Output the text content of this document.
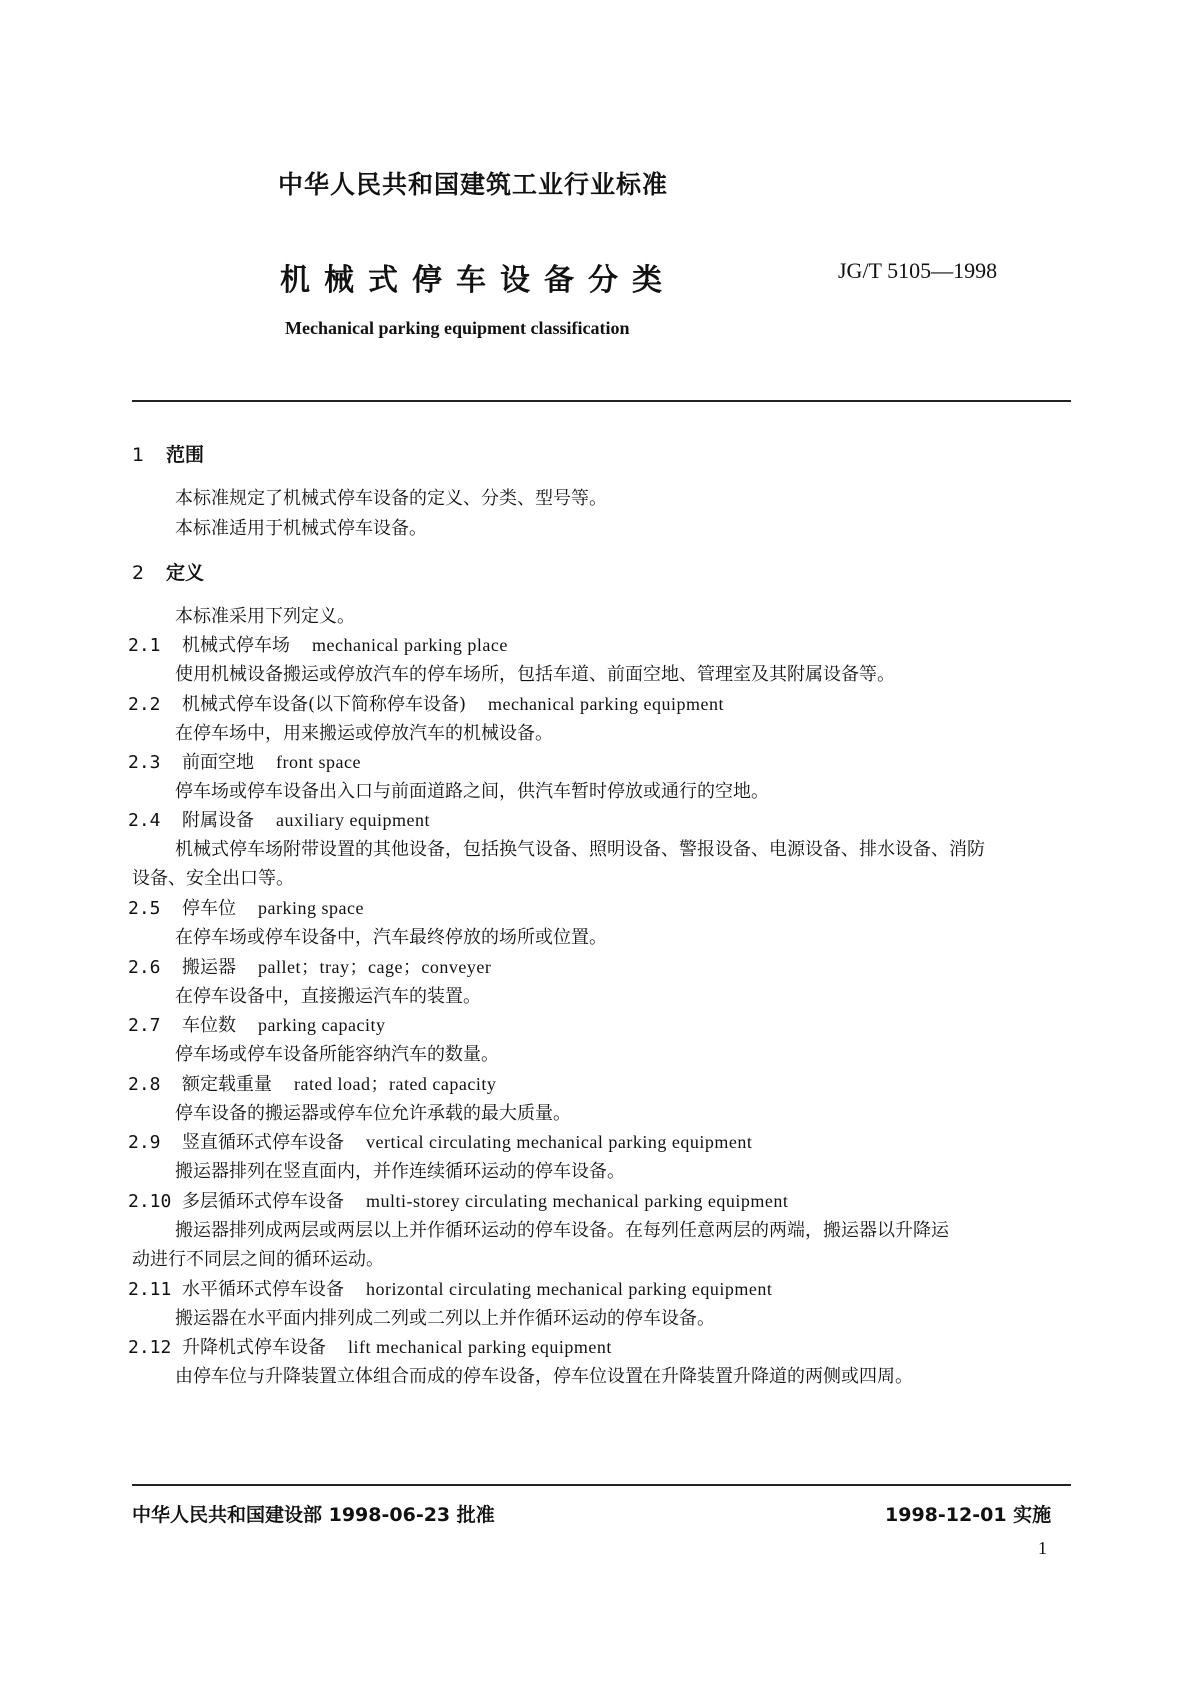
中华人民共和国建筑工业行业标准
机械式停车设备分类	JG/T 5105—1998
Mechanical parking equipment classification
1 范围
本标准规定了机械式停车设备的定义、分类、型号等。
本标准适用于机械式停车设备。
2 定义
本标准采用下列定义。
2.1 机械式停车场 mechanical parking place
使用机械设备搬运或停放汽车的停车场所，包括车道、前面空地、管理室及其附属设备等。
2.2 机械式停车设备(以下简称停车设备) mechanical parking equipment
在停车场中，用来搬运或停放汽车的机械设备。
2.3 前面空地 front space
停车场或停车设备出入口与前面道路之间，供汽车暂时停放或通行的空地。
2.4 附属设备 auxiliary equipment
机械式停车场附带设置的其他设备，包括换气设备、照明设备、警报设备、电源设备、排水设备、消防
设备、安全出口等。
2.5 停车位 parking space
在停车场或停车设备中，汽车最终停放的场所或位置。
2.6 搬运器 pallet；tray；cage；conveyer
在停车设备中，直接搬运汽车的装置。
2.7 车位数 parking capacity
停车场或停车设备所能容纳汽车的数量。
2.8 额定载重量 rated load；rated capacity
停车设备的搬运器或停车位允许承载的最大质量。
2.9 竖直循环式停车设备 vertical circulating mechanical parking equipment
搬运器排列在竖直面内，并作连续循环运动的停车设备。
2.10 多层循环式停车设备 multi-storey circulating mechanical parking equipment
搬运器排列成两层或两层以上并作循环运动的停车设备。在每列任意两层的两端，搬运器以升降运
动进行不同层之间的循环运动。
2.11 水平循环式停车设备 horizontal circulating mechanical parking equipment
搬运器在水平面内排列成二列或二列以上并作循环运动的停车设备。
2.12 升降机式停车设备 lift mechanical parking equipment
由停车位与升降装置立体组合而成的停车设备，停车位设置在升降装置升降道的两侧或四周。
中华人民共和国建设部 1998-06-23 批准	1998-12-01 实施
1
